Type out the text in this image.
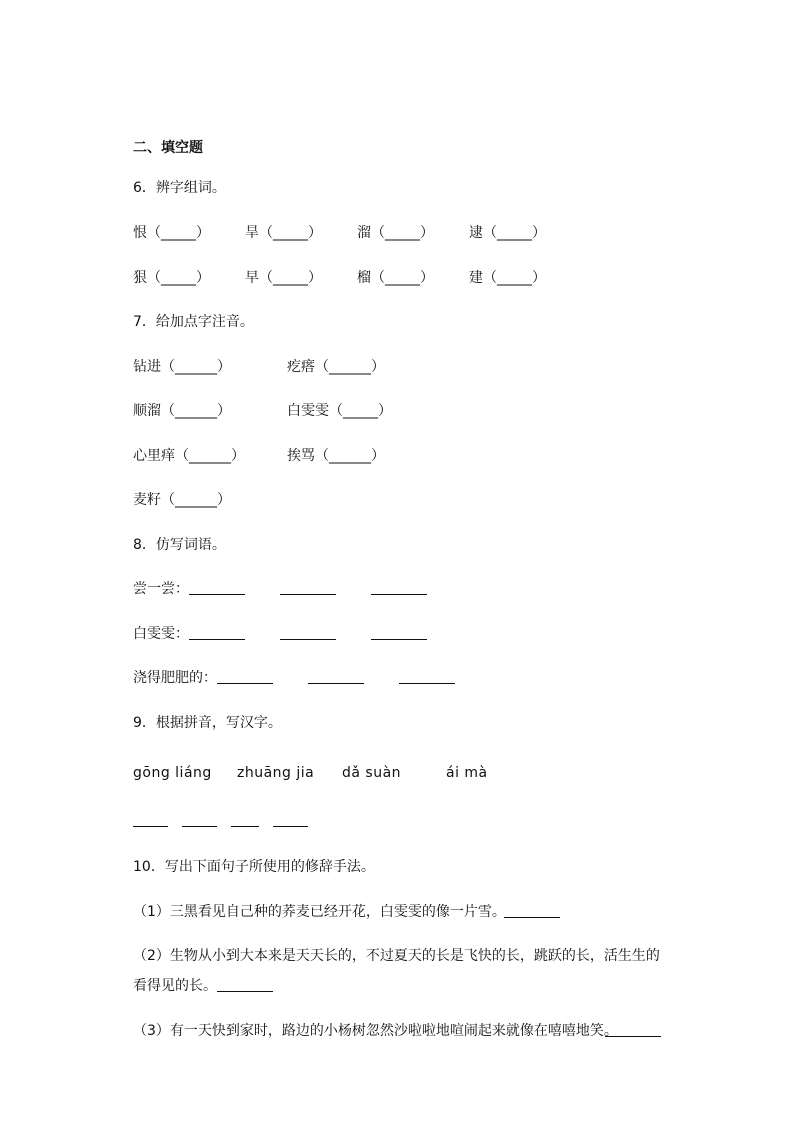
二、填空题
6．辨字组词。
恨（_____）	旱（_____）	溜（_____）	逮（_____）
狠（_____）	早（_____）	榴（_____）	建（_____）
7．给加点字注音。
钻进（______）	疙瘩（______）
顺溜（______）	白雯雯（_____）
心里痒（______）	挨骂（______）
麦籽（______）
8．仿写词语。
尝一尝：
白雯雯：
浇得肥肥的：
9．根据拼音，写汉字。
gōng liáng zhuāng jia dǎ suàn	ái mà
10．写出下面句子所使用的修辞手法。
（1）三黑看见自己种的荞麦已经开花，白雯雯的像一片雪。
（2）生物从小到大本来是天天长的，不过夏天的长是飞快的长，跳跃的长，活生生的
看得见的长。
（3）有一天快到家时，路边的小杨树忽然沙啦啦地喧闹起来就像在嘻嘻地笑。
